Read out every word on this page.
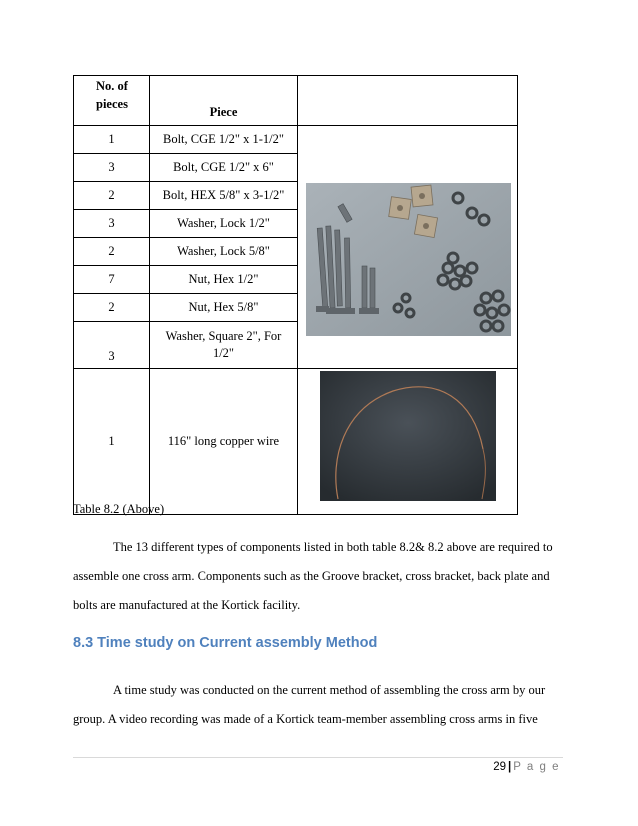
No. of
pieces	Piece	
1	Bolt, CGE 1/2" x 1-1/2"	
3	Bolt, CGE 1/2" x 6"	
2	Bolt, HEX 5/8" x 3-1/2"	
3	Washer, Lock 1/2"	
2	Washer, Lock 5/8"	
7	Nut, Hex 1/2"	
2	Nut, Hex 5/8"	
3	Washer, Square 2", For
1/2"	

1	116" long copper wire	
Table 8.2 (Above)
The 13 different types of components listed in both table 8.2& 8.2 above are required to assemble one cross arm. Components such as the Groove bracket, cross bracket, back plate and bolts are manufactured at the Kortick facility.
8.3 Time study on Current assembly Method
A time study was conducted on the current method of assembling the cross arm by our group. A video recording was made of a Kortick team-member assembling cross arms in five
29 | P a g e
